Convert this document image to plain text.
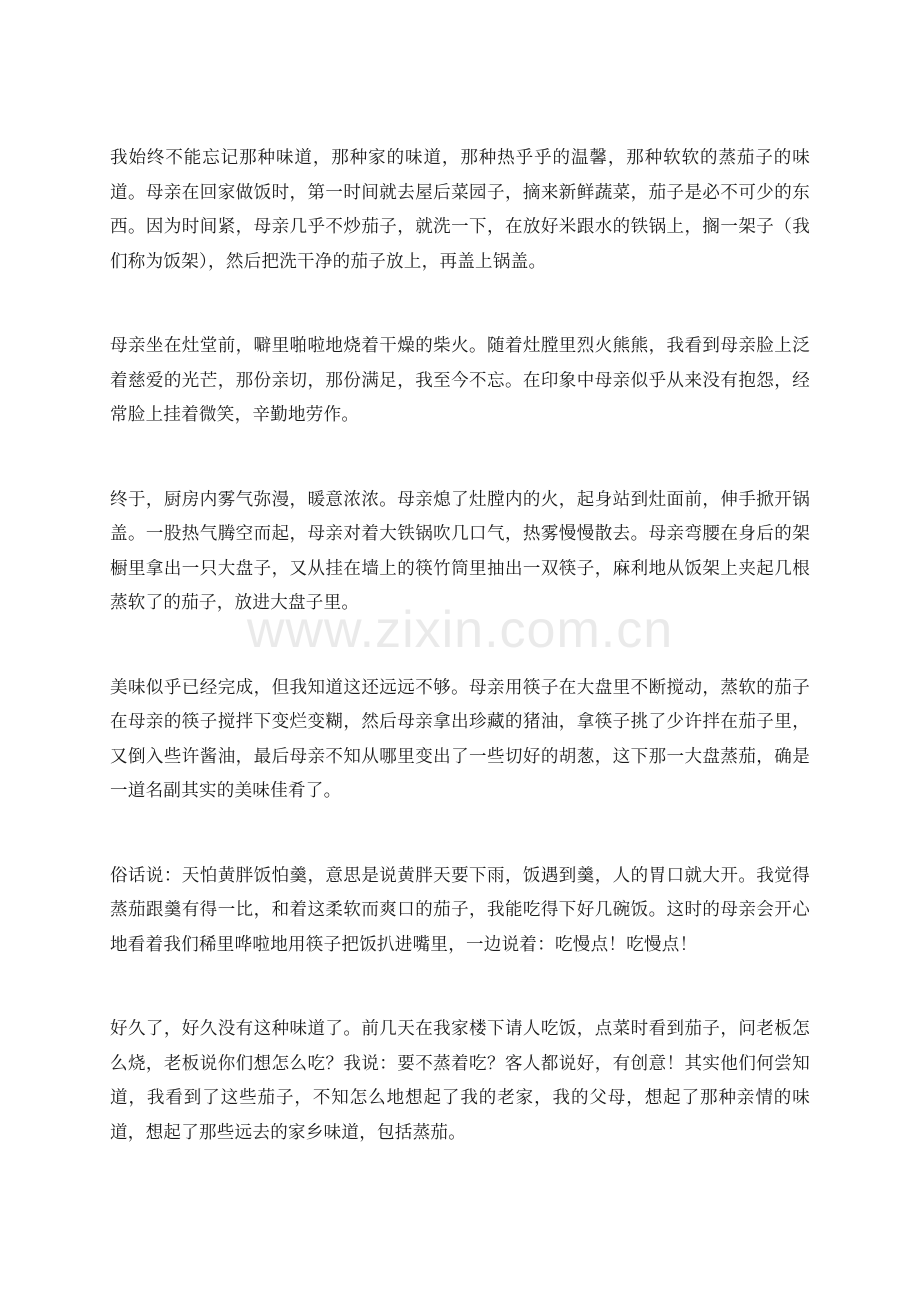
我始终不能忘记那种味道，那种家的味道，那种热乎乎的温馨，那种软软的蒸茄子的味道。母亲在回家做饭时，第一时间就去屋后菜园子，摘来新鲜蔬菜，茄子是必不可少的东西。因为时间紧，母亲几乎不炒茄子，就洗一下，在放好米跟水的铁锅上，搁一架子（我们称为饭架），然后把洗干净的茄子放上，再盖上锅盖。

母亲坐在灶堂前，噼里啪啦地烧着干燥的柴火。随着灶膛里烈火熊熊，我看到母亲脸上泛着慈爱的光芒，那份亲切，那份满足，我至今不忘。在印象中母亲似乎从来没有抱怨，经常脸上挂着微笑，辛勤地劳作。

终于，厨房内雾气弥漫，暖意浓浓。母亲熄了灶膛内的火，起身站到灶面前，伸手掀开锅盖。一股热气腾空而起，母亲对着大铁锅吹几口气，热雾慢慢散去。母亲弯腰在身后的架橱里拿出一只大盘子，又从挂在墙上的筷竹筒里抽出一双筷子，麻利地从饭架上夹起几根蒸软了的茄子，放进大盘子里。

美味似乎已经完成，但我知道这还远远不够。母亲用筷子在大盘里不断搅动，蒸软的茄子在母亲的筷子搅拌下变烂变糊，然后母亲拿出珍藏的猪油，拿筷子挑了少许拌在茄子里，又倒入些许酱油，最后母亲不知从哪里变出了一些切好的胡葱，这下那一大盘蒸茄，确是一道名副其实的美味佳肴了。

俗话说：天怕黄胖饭怕羹，意思是说黄胖天要下雨，饭遇到羹，人的胃口就大开。我觉得蒸茄跟羹有得一比，和着这柔软而爽口的茄子，我能吃得下好几碗饭。这时的母亲会开心地看着我们稀里哗啦地用筷子把饭扒进嘴里，一边说着：吃慢点！吃慢点！

好久了，好久没有这种味道了。前几天在我家楼下请人吃饭，点菜时看到茄子，问老板怎么烧，老板说你们想怎么吃？我说：要不蒸着吃？客人都说好，有创意！其实他们何尝知道，我看到了这些茄子，不知怎么地想起了我的老家，我的父母，想起了那种亲情的味道，想起了那些远去的家乡味道，包括蒸茄。

www.zixin.com.cn
